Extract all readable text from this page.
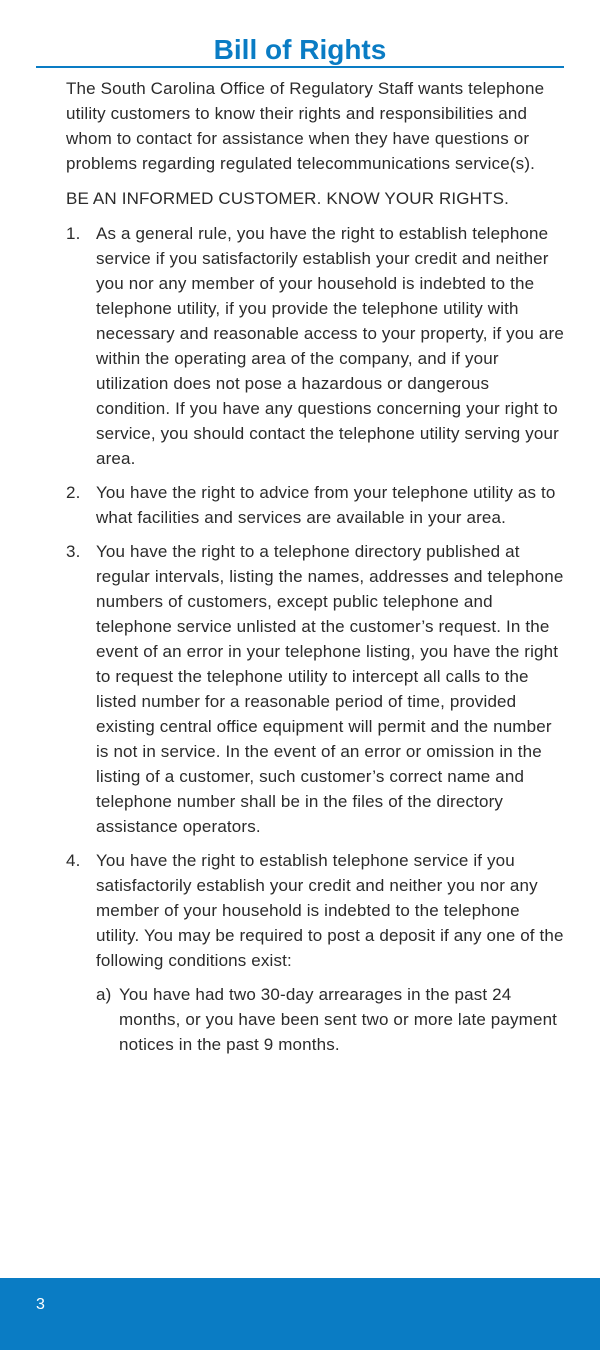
Bill of Rights

The South Carolina Office of Regulatory Staff wants telephone utility customers to know their rights and responsibilities and whom to contact for assistance when they have questions or problems regarding regulated telecommunications service(s).

BE AN INFORMED CUSTOMER. KNOW YOUR RIGHTS.

1. As a general rule, you have the right to establish telephone service if you satisfactorily establish your credit and neither you nor any member of your household is indebted to the telephone utility, if you provide the telephone utility with necessary and reasonable access to your property, if you are within the operating area of the company, and if your utilization does not pose a hazardous or dangerous condition. If you have any questions concerning your right to service, you should contact the telephone utility serving your area.
2. You have the right to advice from your telephone utility as to what facilities and services are available in your area.
3. You have the right to a telephone directory published at regular intervals, listing the names, addresses and telephone numbers of customers, except public telephone and telephone service unlisted at the customer’s request. In the event of an error in your telephone listing, you have the right to request the telephone utility to intercept all calls to the listed number for a reasonable period of time, provided existing central office equipment will permit and the number is not in service. In the event of an error or omission in the listing of a customer, such customer’s correct name and telephone number shall be in the files of the directory assistance operators.
4. You have the right to establish telephone service if you satisfactorily establish your credit and neither you nor any member of your household is indebted to the telephone utility. You may be required to post a deposit if any one of the following conditions exist:
a) You have had two 30-day arrearages in the past 24 months, or you have been sent two or more late payment notices in the past 9 months.
3
